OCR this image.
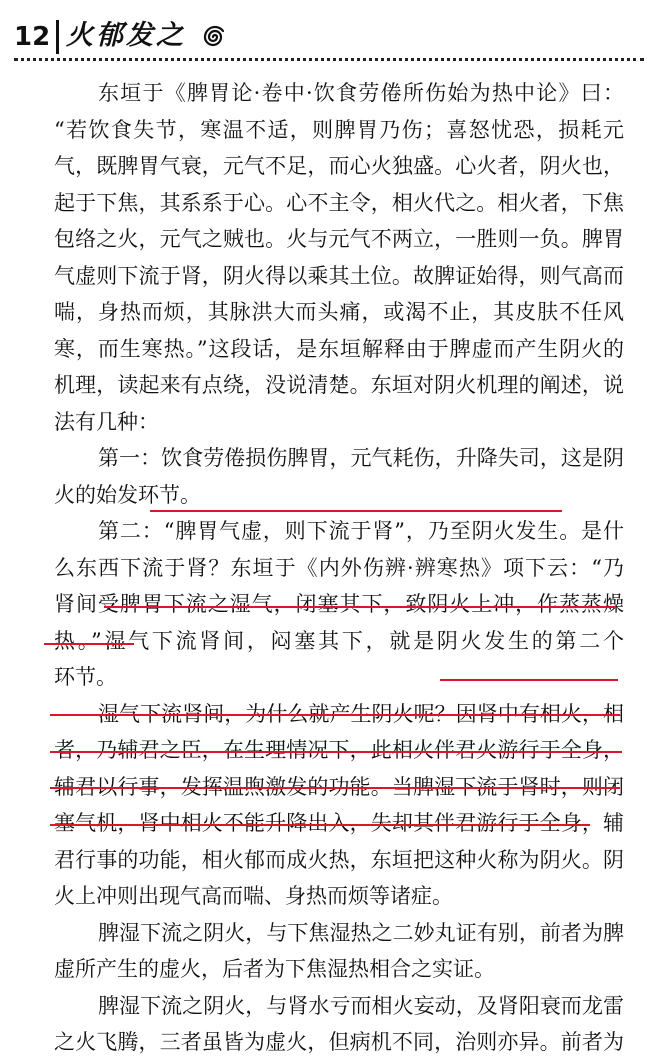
12 火郁发之
东垣于《脾胃论·卷中·饮食劳倦所伤始为热中论》曰：
“若饮食失节，寒温不适，则脾胃乃伤；喜怒忧恐，损耗元
气，既脾胃气衰，元气不足，而心火独盛。心火者，阴火也，
起于下焦，其系系于心。心不主令，相火代之。相火者，下焦
包络之火，元气之贼也。火与元气不两立，一胜则一负。脾胃
气虚则下流于肾，阴火得以乘其土位。故脾证始得，则气高而
喘，身热而烦，其脉洪大而头痛，或渴不止，其皮肤不任风
寒，而生寒热。”这段话，是东垣解释由于脾虚而产生阴火的
机理，读起来有点绕，没说清楚。东垣对阴火机理的阐述，说
法有几种：
第一：饮食劳倦损伤脾胃，元气耗伤，升降失司，这是阴
火的始发环节。
第二：“脾胃气虚，则下流于肾”，乃至阴火发生。是什
么东西下流于肾？东垣于《内外伤辨·辨寒热》项下云：“乃
肾间受脾胃下流之湿气，闭塞其下，致阴火上冲，作蒸蒸燥
热。”湿气下流肾间，闷塞其下，就是阴火发生的第二个
环节。
湿气下流肾间，为什么就产生阴火呢？因肾中有相火，相
者，乃辅君之臣，在生理情况下，此相火伴君火游行于全身，
辅君以行事，发挥温煦激发的功能。当脾湿下流于肾时，则闭
塞气机，肾中相火不能升降出入，失却其伴君游行于全身，辅
君行事的功能，相火郁而成火热，东垣把这种火称为阴火。阴
火上冲则出现气高而喘、身热而烦等诸症。
脾湿下流之阴火，与下焦湿热之二妙丸证有别，前者为脾
虚所产生的虚火，后者为下焦湿热相合之实证。
脾湿下流之阴火，与肾水亏而相火妄动，及肾阳衰而龙雷
之火飞腾，三者虽皆为虚火，但病机不同，治则亦异。前者为
